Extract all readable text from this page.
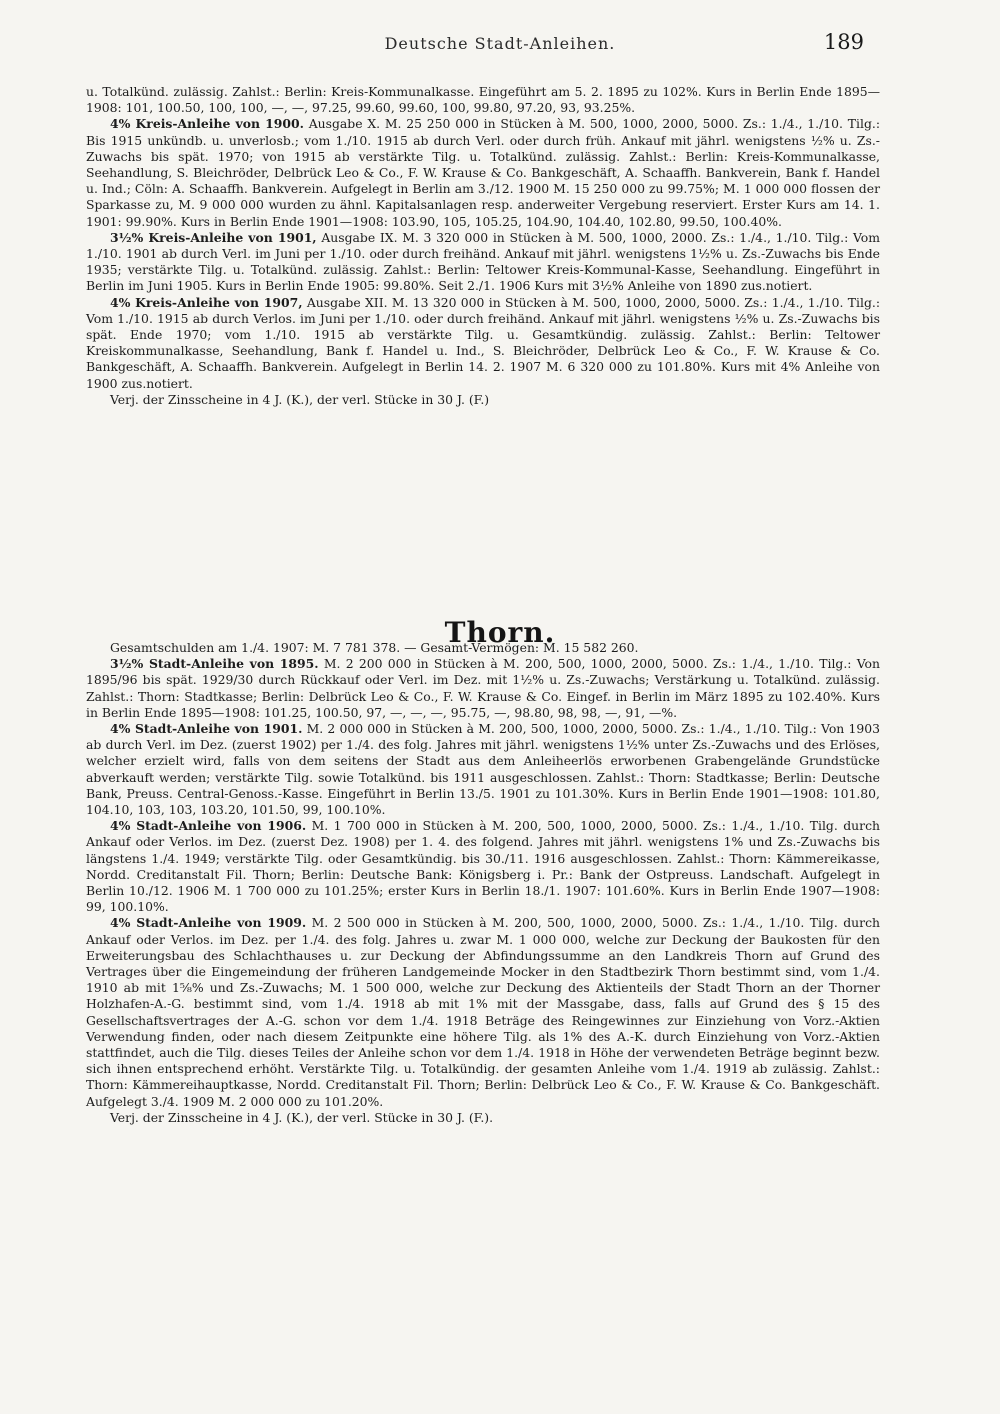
Deutsche Stadt-Anleihen.	189

u. Totalkünd. zulässig. Zahlst.: Berlin: Kreis-Kommunalkasse. Eingeführt am 5. 2. 1895 zu 102%. Kurs in Berlin Ende 1895—1908: 101, 100.50, 100, 100, —, —, 97.25, 99.60, 99.60, 100, 99.80, 97.20, 93, 93.25%.

4% Kreis-Anleihe von 1900. Ausgabe X. M. 25 250 000 in Stücken à M. 500, 1000, 2000, 5000. Zs.: 1./4., 1./10. Tilg.: Bis 1915 unkündb. u. unverlosb.; vom 1./10. 1915 ab durch Verl. oder durch früh. Ankauf mit jährl. wenigstens ½% u. Zs.-Zuwachs bis spät. 1970; von 1915 ab verstärkte Tilg. u. Totalkünd. zulässig. Zahlst.: Berlin: Kreis-Kommunalkasse, Seehandlung, S. Bleichröder, Delbrück Leo & Co., F. W. Krause & Co. Bankgeschäft, A. Schaaffh. Bankverein, Bank f. Handel u. Ind.; Cöln: A. Schaaffh. Bankverein. Aufgelegt in Berlin am 3./12. 1900 M. 15 250 000 zu 99.75%; M. 1 000 000 flossen der Sparkasse zu, M. 9 000 000 wurden zu ähnl. Kapitalsanlagen resp. anderweiter Vergebung reserviert. Erster Kurs am 14. 1. 1901: 99.90%. Kurs in Berlin Ende 1901—1908: 103.90, 105, 105.25, 104.90, 104.40, 102.80, 99.50, 100.40%.

3½% Kreis-Anleihe von 1901, Ausgabe IX. M. 3 320 000 in Stücken à M. 500, 1000, 2000. Zs.: 1./4., 1./10. Tilg.: Vom 1./10. 1901 ab durch Verl. im Juni per 1./10. oder durch freihänd. Ankauf mit jährl. wenigstens 1½% u. Zs.-Zuwachs bis Ende 1935; verstärkte Tilg. u. Totalkünd. zulässig. Zahlst.: Berlin: Teltower Kreis-Kommunal-Kasse, Seehandlung. Eingeführt in Berlin im Juni 1905. Kurs in Berlin Ende 1905: 99.80%. Seit 2./1. 1906 Kurs mit 3½% Anleihe von 1890 zus.notiert.

4% Kreis-Anleihe von 1907, Ausgabe XII. M. 13 320 000 in Stücken à M. 500, 1000, 2000, 5000. Zs.: 1./4., 1./10. Tilg.: Vom 1./10. 1915 ab durch Verlos. im Juni per 1./10. oder durch freihänd. Ankauf mit jährl. wenigstens ½% u. Zs.-Zuwachs bis spät. Ende 1970; vom 1./10. 1915 ab verstärkte Tilg. u. Gesamtkündig. zulässig. Zahlst.: Berlin: Teltower Kreiskommunalkasse, Seehandlung, Bank f. Handel u. Ind., S. Bleichröder, Delbrück Leo & Co., F. W. Krause & Co. Bankgeschäft, A. Schaaffh. Bankverein. Aufgelegt in Berlin 14. 2. 1907 M. 6 320 000 zu 101.80%. Kurs mit 4% Anleihe von 1900 zus.notiert.

Verj. der Zinsscheine in 4 J. (K.), der verl. Stücke in 30 J. (F.)

Thorn.

Gesamtschulden am 1./4. 1907: M. 7 781 378. — Gesamt-Vermögen: M. 15 582 260.

3½% Stadt-Anleihe von 1895. M. 2 200 000 in Stücken à M. 200, 500, 1000, 2000, 5000. Zs.: 1./4., 1./10. Tilg.: Von 1895/96 bis spät. 1929/30 durch Rückkauf oder Verl. im Dez. mit 1½% u. Zs.-Zuwachs; Verstärkung u. Totalkünd. zulässig. Zahlst.: Thorn: Stadtkasse; Berlin: Delbrück Leo & Co., F. W. Krause & Co. Eingef. in Berlin im März 1895 zu 102.40%. Kurs in Berlin Ende 1895—1908: 101.25, 100.50, 97, —, —, —, 95.75, —, 98.80, 98, 98, —, 91, —%.

4% Stadt-Anleihe von 1901. M. 2 000 000 in Stücken à M. 200, 500, 1000, 2000, 5000. Zs.: 1./4., 1./10. Tilg.: Von 1903 ab durch Verl. im Dez. (zuerst 1902) per 1./4. des folg. Jahres mit jährl. wenigstens 1½% unter Zs.-Zuwachs und des Erlöses, welcher erzielt wird, falls von dem seitens der Stadt aus dem Anleiheerlös erworbenen Grabengelände Grundstücke abverkauft werden; verstärkte Tilg. sowie Totalkünd. bis 1911 ausgeschlossen. Zahlst.: Thorn: Stadtkasse; Berlin: Deutsche Bank, Preuss. Central-Genoss.-Kasse. Eingeführt in Berlin 13./5. 1901 zu 101.30%. Kurs in Berlin Ende 1901—1908: 101.80, 104.10, 103, 103, 103.20, 101.50, 99, 100.10%.

4% Stadt-Anleihe von 1906. M. 1 700 000 in Stücken à M. 200, 500, 1000, 2000, 5000. Zs.: 1./4., 1./10. Tilg. durch Ankauf oder Verlos. im Dez. (zuerst Dez. 1908) per 1. 4. des folgend. Jahres mit jährl. wenigstens 1% und Zs.-Zuwachs bis längstens 1./4. 1949; verstärkte Tilg. oder Gesamtkündig. bis 30./11. 1916 ausgeschlossen. Zahlst.: Thorn: Kämmereikasse, Nordd. Creditanstalt Fil. Thorn; Berlin: Deutsche Bank: Königsberg i. Pr.: Bank der Ostpreuss. Landschaft. Aufgelegt in Berlin 10./12. 1906 M. 1 700 000 zu 101.25%; erster Kurs in Berlin 18./1. 1907: 101.60%. Kurs in Berlin Ende 1907—1908: 99, 100.10%.

4% Stadt-Anleihe von 1909. M. 2 500 000 in Stücken à M. 200, 500, 1000, 2000, 5000. Zs.: 1./4., 1./10. Tilg. durch Ankauf oder Verlos. im Dez. per 1./4. des folg. Jahres u. zwar M. 1 000 000, welche zur Deckung der Baukosten für den Erweiterungsbau des Schlachthauses u. zur Deckung der Abfindungssumme an den Landkreis Thorn auf Grund des Vertrages über die Eingemeindung der früheren Landgemeinde Mocker in den Stadtbezirk Thorn bestimmt sind, vom 1./4. 1910 ab mit 1⅝% und Zs.-Zuwachs; M. 1 500 000, welche zur Deckung des Aktienteils der Stadt Thorn an der Thorner Holzhafen-A.-G. bestimmt sind, vom 1./4. 1918 ab mit 1% mit der Massgabe, dass, falls auf Grund des § 15 des Gesellschaftsvertrages der A.-G. schon vor dem 1./4. 1918 Beträge des Reingewinnes zur Einziehung von Vorz.-Aktien Verwendung finden, oder nach diesem Zeitpunkte eine höhere Tilg. als 1% des A.-K. durch Einziehung von Vorz.-Aktien stattfindet, auch die Tilg. dieses Teiles der Anleihe schon vor dem 1./4. 1918 in Höhe der verwendeten Beträge beginnt bezw. sich ihnen entsprechend erhöht. Verstärkte Tilg. u. Totalkündig. der gesamten Anleihe vom 1./4. 1919 ab zulässig. Zahlst.: Thorn: Kämmereihauptkasse, Nordd. Creditanstalt Fil. Thorn; Berlin: Delbrück Leo & Co., F. W. Krause & Co. Bankgeschäft. Aufgelegt 3./4. 1909 M. 2 000 000 zu 101.20%.

Verj. der Zinsscheine in 4 J. (K.), der verl. Stücke in 30 J. (F.).
